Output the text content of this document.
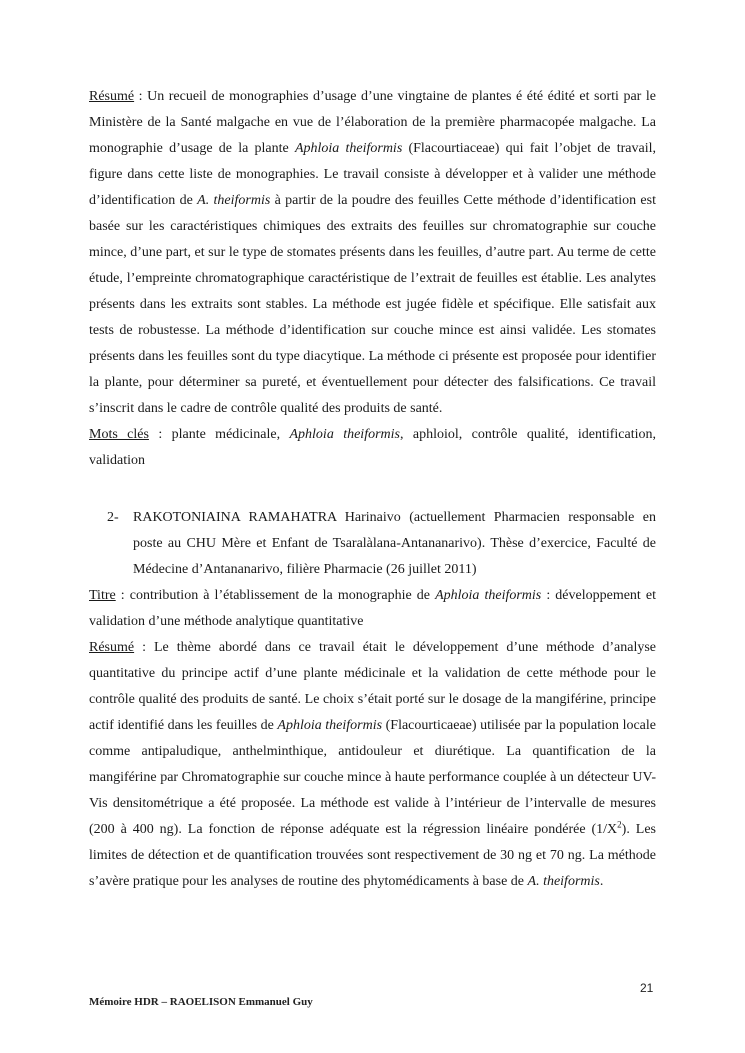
Résumé : Un recueil de monographies d’usage d’une vingtaine de plantes é été édité et sorti par le Ministère de la Santé malgache en vue de l’élaboration de la première pharmacopée malgache. La monographie d’usage de la plante Aphloia theiformis (Flacourtiaceae) qui fait l’objet de travail, figure dans cette liste de monographies. Le travail consiste à développer et à valider une méthode d’identification de A. theiformis à partir de la poudre des feuilles Cette méthode d’identification est basée sur les caractéristiques chimiques des extraits des feuilles sur chromatographie sur couche mince, d’une part, et sur le type de stomates présents dans les feuilles, d’autre part. Au terme de cette étude, l’empreinte chromatographique caractéristique de l’extrait de feuilles est établie. Les analytes présents dans les extraits sont stables. La méthode est jugée fidèle et spécifique. Elle satisfait aux tests de robustesse. La méthode d’identification sur couche mince est ainsi validée. Les stomates présents dans les feuilles sont du type diacytique. La méthode ci présente est proposée pour identifier la plante, pour déterminer sa pureté, et éventuellement pour détecter des falsifications. Ce travail s’inscrit dans le cadre de contrôle qualité des produits de santé.

Mots clés : plante médicinale, Aphloia theiformis, aphloiol, contrôle qualité, identification, validation

2- RAKOTONIAINA RAMAHATRA Harinaivo (actuellement Pharmacien responsable en poste au CHU Mère et Enfant de Tsaralàlana-Antananarivo). Thèse d’exercice, Faculté de Médecine d’Antananarivo, filière Pharmacie (26 juillet 2011)

Titre : contribution à l’établissement de la monographie de Aphloia theiformis : développement et validation d’une méthode analytique quantitative

Résumé : Le thème abordé dans ce travail était le développement d’une méthode d’analyse quantitative du principe actif d’une plante médicinale et la validation de cette méthode pour le contrôle qualité des produits de santé. Le choix s’était porté sur le dosage de la mangiférine, principe actif identifié dans les feuilles de Aphloia theiformis (Flacourticaeae) utilisée par la population locale comme antipaludique, anthelminthique, antidouleur et diurétique. La quantification de la mangiférine par Chromatographie sur couche mince à haute performance couplée à un détecteur UV-Vis densitométrique a été proposée. La méthode est valide à l’intérieur de l’intervalle de mesures (200 à 400 ng). La fonction de réponse adéquate est la régression linéaire pondérée $(1/X^2)$. Les limites de détection et de quantification trouvées sont respectivement de 30 ng et 70 ng. La méthode s’avère pratique pour les analyses de routine des phytomédicaments à base de A. theiformis.

21
Mémoire HDR – RAOELISON Emmanuel Guy
